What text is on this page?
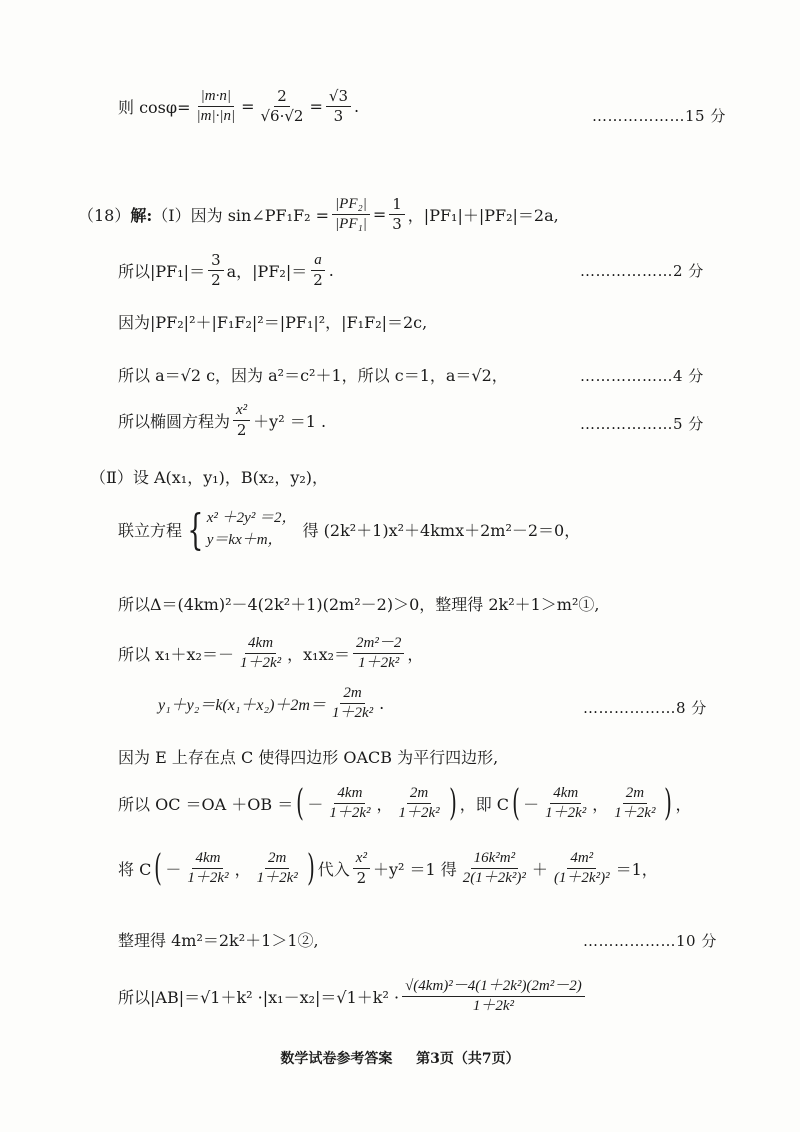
则 $\cos\varphi= \frac{|m\cdot n|}{|m|\cdot|n|} = \frac{2}{√6\cdot√2} = \frac{√3}{3}$ .	………………15 分
（18） 解: （Ⅰ）因为 sin∠PF₁F₂ = $\frac{\text{|PF₂|}}{\text{|PF₁|}} = \frac{1}{3}$ ，|PF₁|＋|PF₂|＝2a,
所以$|PF_1|= \frac{3}{2}$ a，$|PF_2|= \frac{a}{2}$ .	………………2 分
因为|PF₂|²＋|F₁F₂|²＝|PF₁|²，|F₁F₂|＝2c,
所以 a＝√2 c，因为 a²＝c²＋1，所以 c＝1，a＝√2，	………………4 分
所以椭圆方程为 $\frac{\text{x²}}{2} +y^2 =1$ .	………………5 分
（Ⅱ）设 A(x₁，y₁)，B(x₂，y₂)，
联立方程 { x² ＋2y² ＝2，
y＝kx＋m，	得 (2k²＋1)x²＋4kmx＋2m²－2＝0，
所以Δ＝(4km)²－4(2k²＋1)(2m²－2)＞0，整理得 2k²＋1＞m²①,
所以 $x_1+x_2=- \frac{4km}{\text{1＋2k²}}$ ，$x_1x_2= \frac{\text{2m²－2}}{\text{1＋2k²}}$ ，
$y_1+y_2=k(x_1+x_2)+2m= \frac{2m}{\text{1＋2k²}}$ .	………………8 分
因为 E 上存在点 C 使得四边形 OACB 为平行四边形,
所以 OC ＝OA ＋OB ＝ ( － $\frac{4km}{\text{1＋2k²}}$ ， $\frac{2m}{\text{1＋2k²}}$ ) ，即 C ( － $\frac{4km}{\text{1＋2k²}}$ ， $\frac{2m}{\text{1＋2k²}}$ ) ，
将 C ( － $\frac{4km}{\text{1＋2k²}}$ ， $\frac{2m}{\text{1＋2k²}}$ ) 代入 $\frac{\text{x²}}{2} +y^2 =1$ 得 $\frac{\text{16k²m²}}{\text{2(1＋2k²)²}} + \frac{\text{4m²}}{\text{(1＋2k²)²}} =1$，
整理得 4m²＝2k²＋1＞1②,	………………10 分
所以$|AB|=√1+k^2 \cdot|x_1-x_2|=√1+k^2 \cdot \frac{\text{√(4km)²－4(1＋2k²)(2m²－2)}}{\text{1＋2k²}}$
数学试卷参考答案 第3页（共7页）
